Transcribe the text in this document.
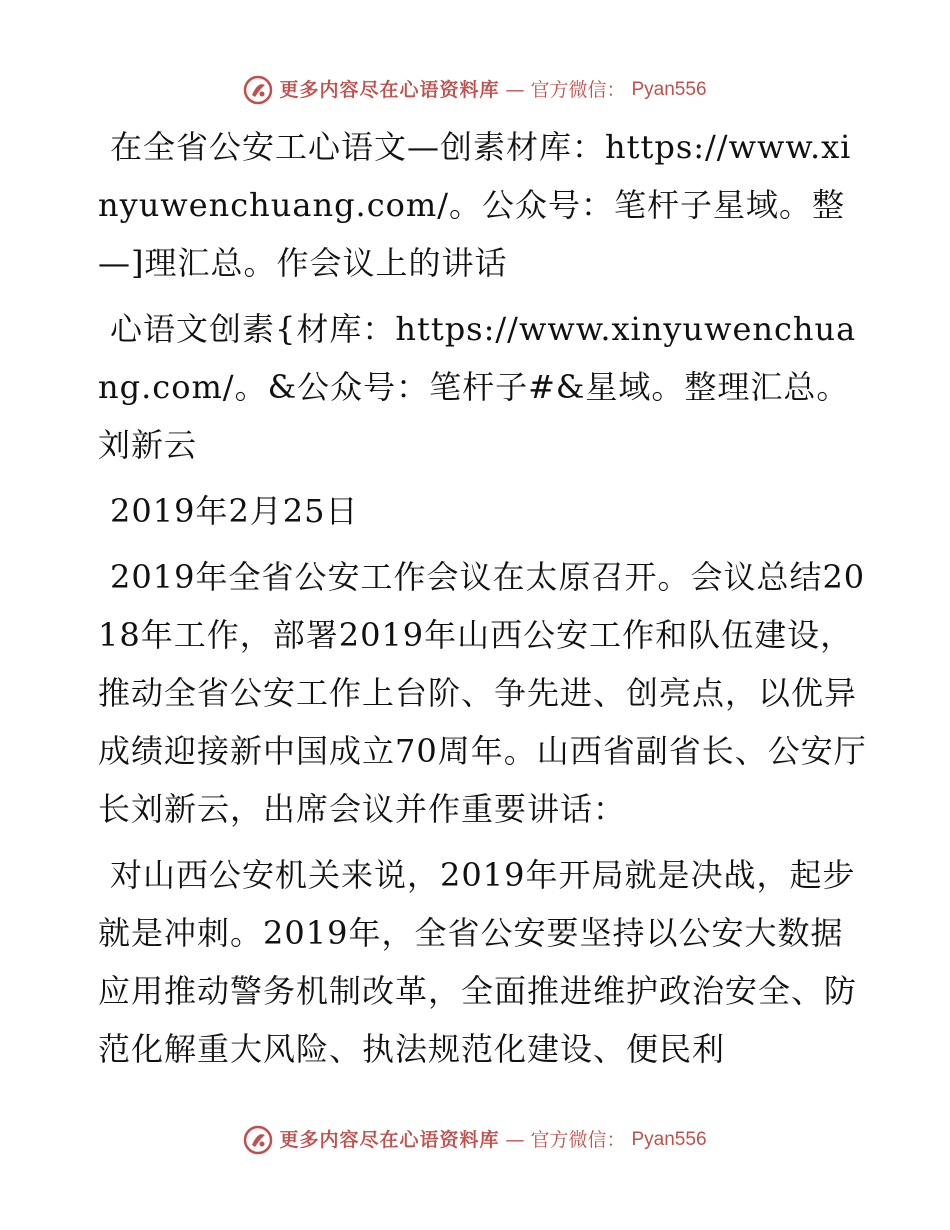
更多内容尽在心语资料库 — 官方微信： Pyan556

在全省公安工心语文—创素材库：https://www.xinyuwenchuang.com/。公众号：笔杆子星域。整—]理汇总。作会议上的讲话

心语文创素{材库：https://www.xinyuwenchuang.com/。&公众号：笔杆子#&星域。整理汇总。刘新云

2019年2月25日

2019年全省公安工作会议在太原召开。会议总结2018年工作，部署2019年山西公安工作和队伍建设，推动全省公安工作上台阶、争先进、创亮点，以优异成绩迎接新中国成立70周年。山西省副省长、公安厅长刘新云，出席会议并作重要讲话：

对山西公安机关来说，2019年开局就是决战，起步就是冲刺。2019年，全省公安要坚持以公安大数据应用推动警务机制改革，全面推进维护政治安全、防范化解重大风险、执法规范化建设、便民利

更多内容尽在心语资料库 — 官方微信： Pyan556
